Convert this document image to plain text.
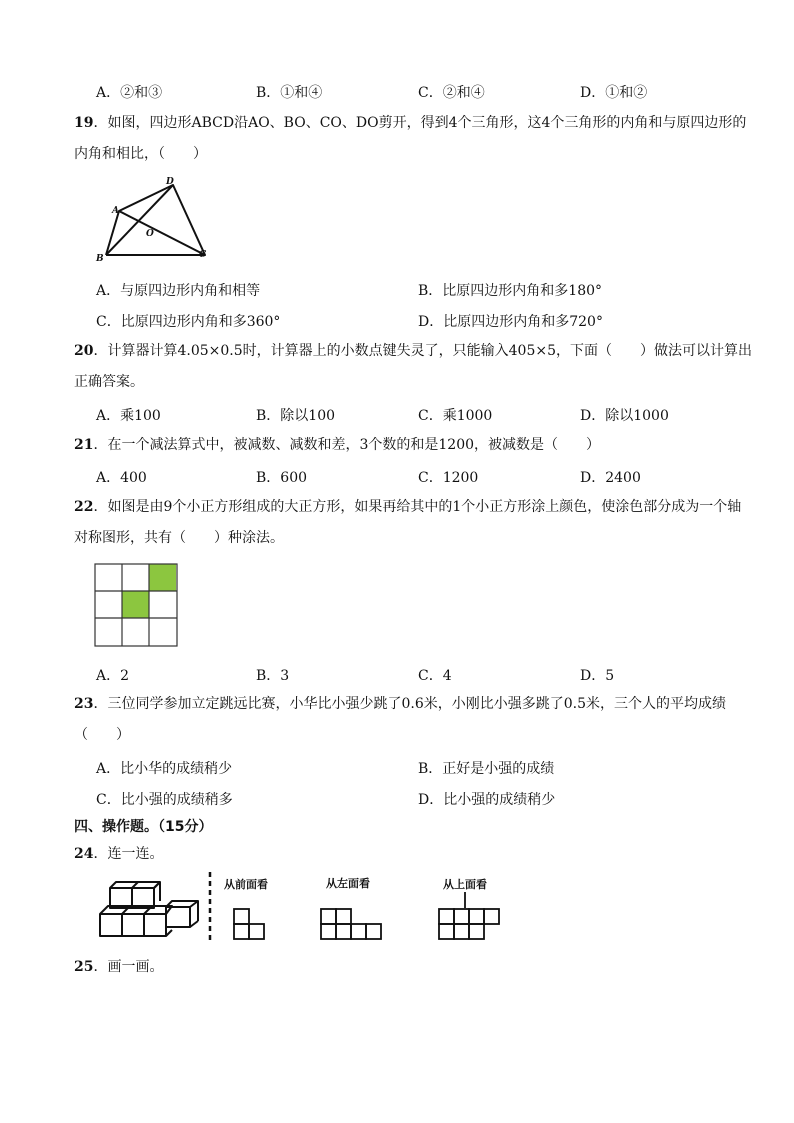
A．②和③	B．①和④	C．②和④	D．①和②
19．如图，四边形ABCD沿AO、BO、CO、DO剪开，得到4个三角形，这4个三角形的内角和与原四边形的内角和相比，（　　）
A
B	C
D
O
A．与原四边形内角和相等	B．比原四边形内角和多180°
C．比原四边形内角和多360°	D．比原四边形内角和多720°
20．计算器计算4.05×0.5时，计算器上的小数点键失灵了，只能输入405×5，下面（　　）做法可以计算出正确答案。
A．乘100	B．除以100	C．乘1000	D．除以1000
21．在一个减法算式中，被减数、减数和差，3个数的和是1200，被减数是（　　）
A．400	B．600	C．1200	D．2400
22．如图是由9个小正方形组成的大正方形，如果再给其中的1个小正方形涂上颜色，使涂色部分成为一个轴对称图形，共有（　　）种涂法。
A．2	B．3	C．4	D．5
23．三位同学参加立定跳远比赛，小华比小强少跳了0.6米，小刚比小强多跳了0.5米，三个人的平均成绩（　　）
A．比小华的成绩稍少	B．正好是小强的成绩
C．比小强的成绩稍多	D．比小强的成绩稍少
四、操作题。（15分）
24．连一连。
从前面看	从左面看	从上面看
25．画一画。
